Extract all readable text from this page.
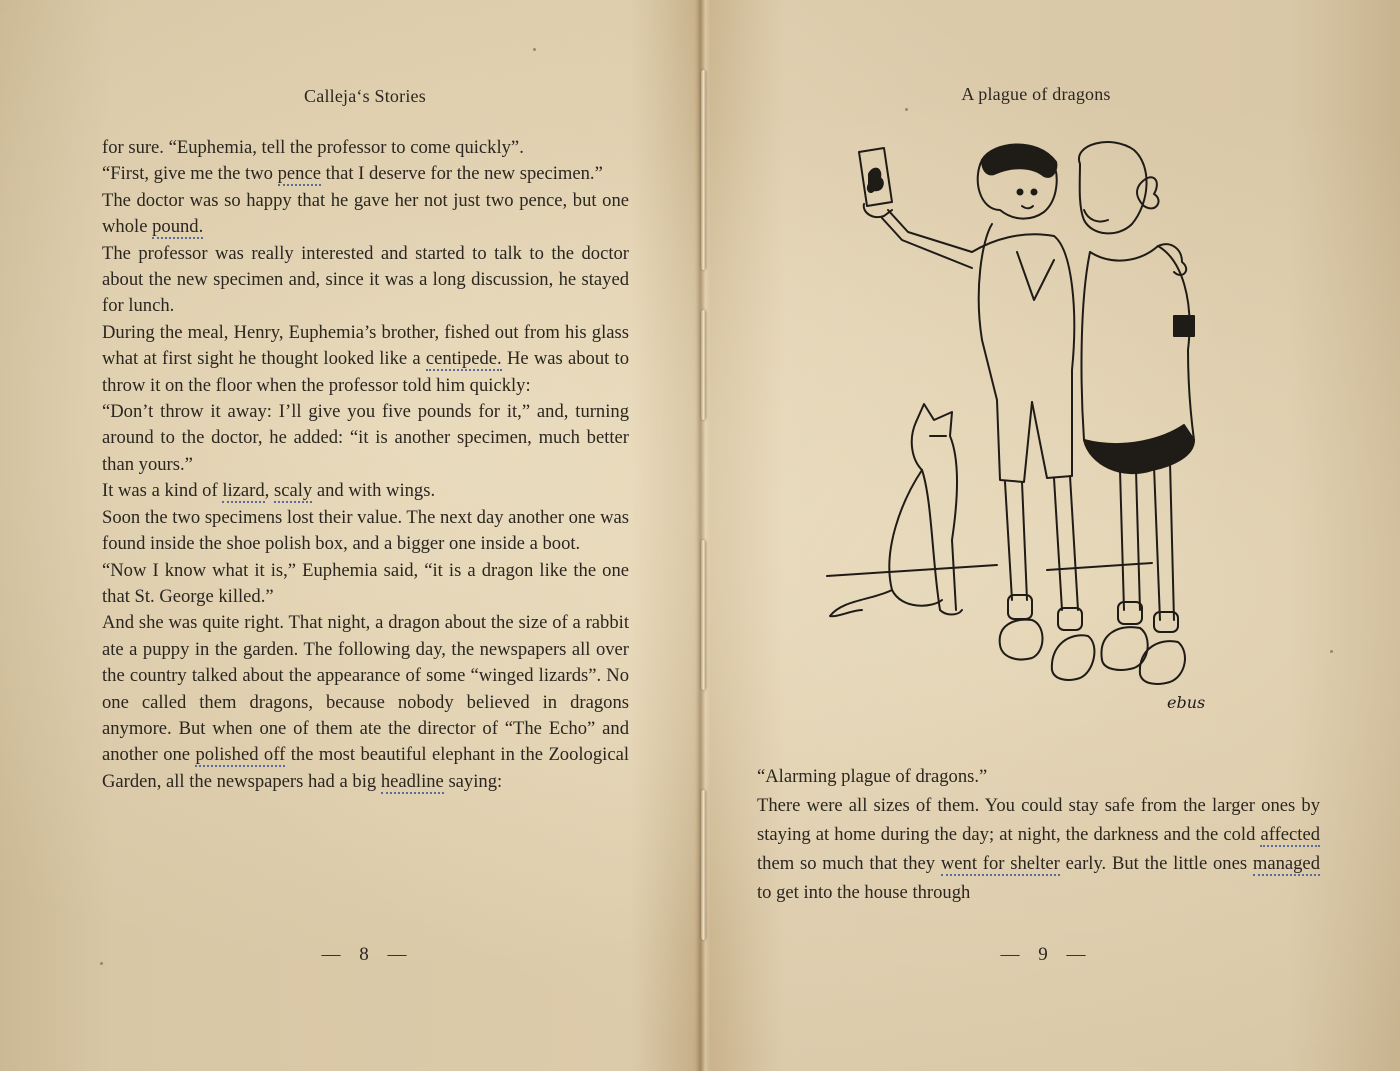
Calleja‘s Stories

for sure. “Euphemia, tell the professor to come quickly”.

“First, give me the two pence that I deserve for the new specimen.”

The doctor was so happy that he gave her not just two pence, but one whole pound.

The professor was really interested and started to talk to the doctor about the new specimen and, since it was a long discussion, he stayed for lunch.

During the meal, Henry, Euphemia’s brother, fished out from his glass what at first sight he thought looked like a centipede. He was about to throw it on the floor when the professor told him quickly:

“Don’t throw it away: I’ll give you five pounds for it,” and, turning around to the doctor, he added: “it is another specimen, much better than yours.”

It was a kind of lizard, scaly and with wings.

Soon the two specimens lost their value. The next day another one was found inside the shoe polish box, and a bigger one inside a boot.

“Now I know what it is,” Euphemia said, “it is a dragon like the one that St. George killed.”

And she was quite right. That night, a dragon about the size of a rabbit ate a puppy in the garden. The following day, the newspapers all over the country talked about the appearance of some “winged lizards”. No one called them dragons, because nobody believed in dragons anymore. But when one of them ate the director of “The Echo” and another one polished off the most beautiful elephant in the Zoological Garden, all the newspapers had a big headline saying:

— 8 —
A plague of dragons

“Alarming plague of dragons.”

There were all sizes of them. You could stay safe from the larger ones by staying at home during the day; at night, the darkness and the cold affected them so much that they went for shelter early. But the little ones managed to get into the house through

— 9 —
ebus
